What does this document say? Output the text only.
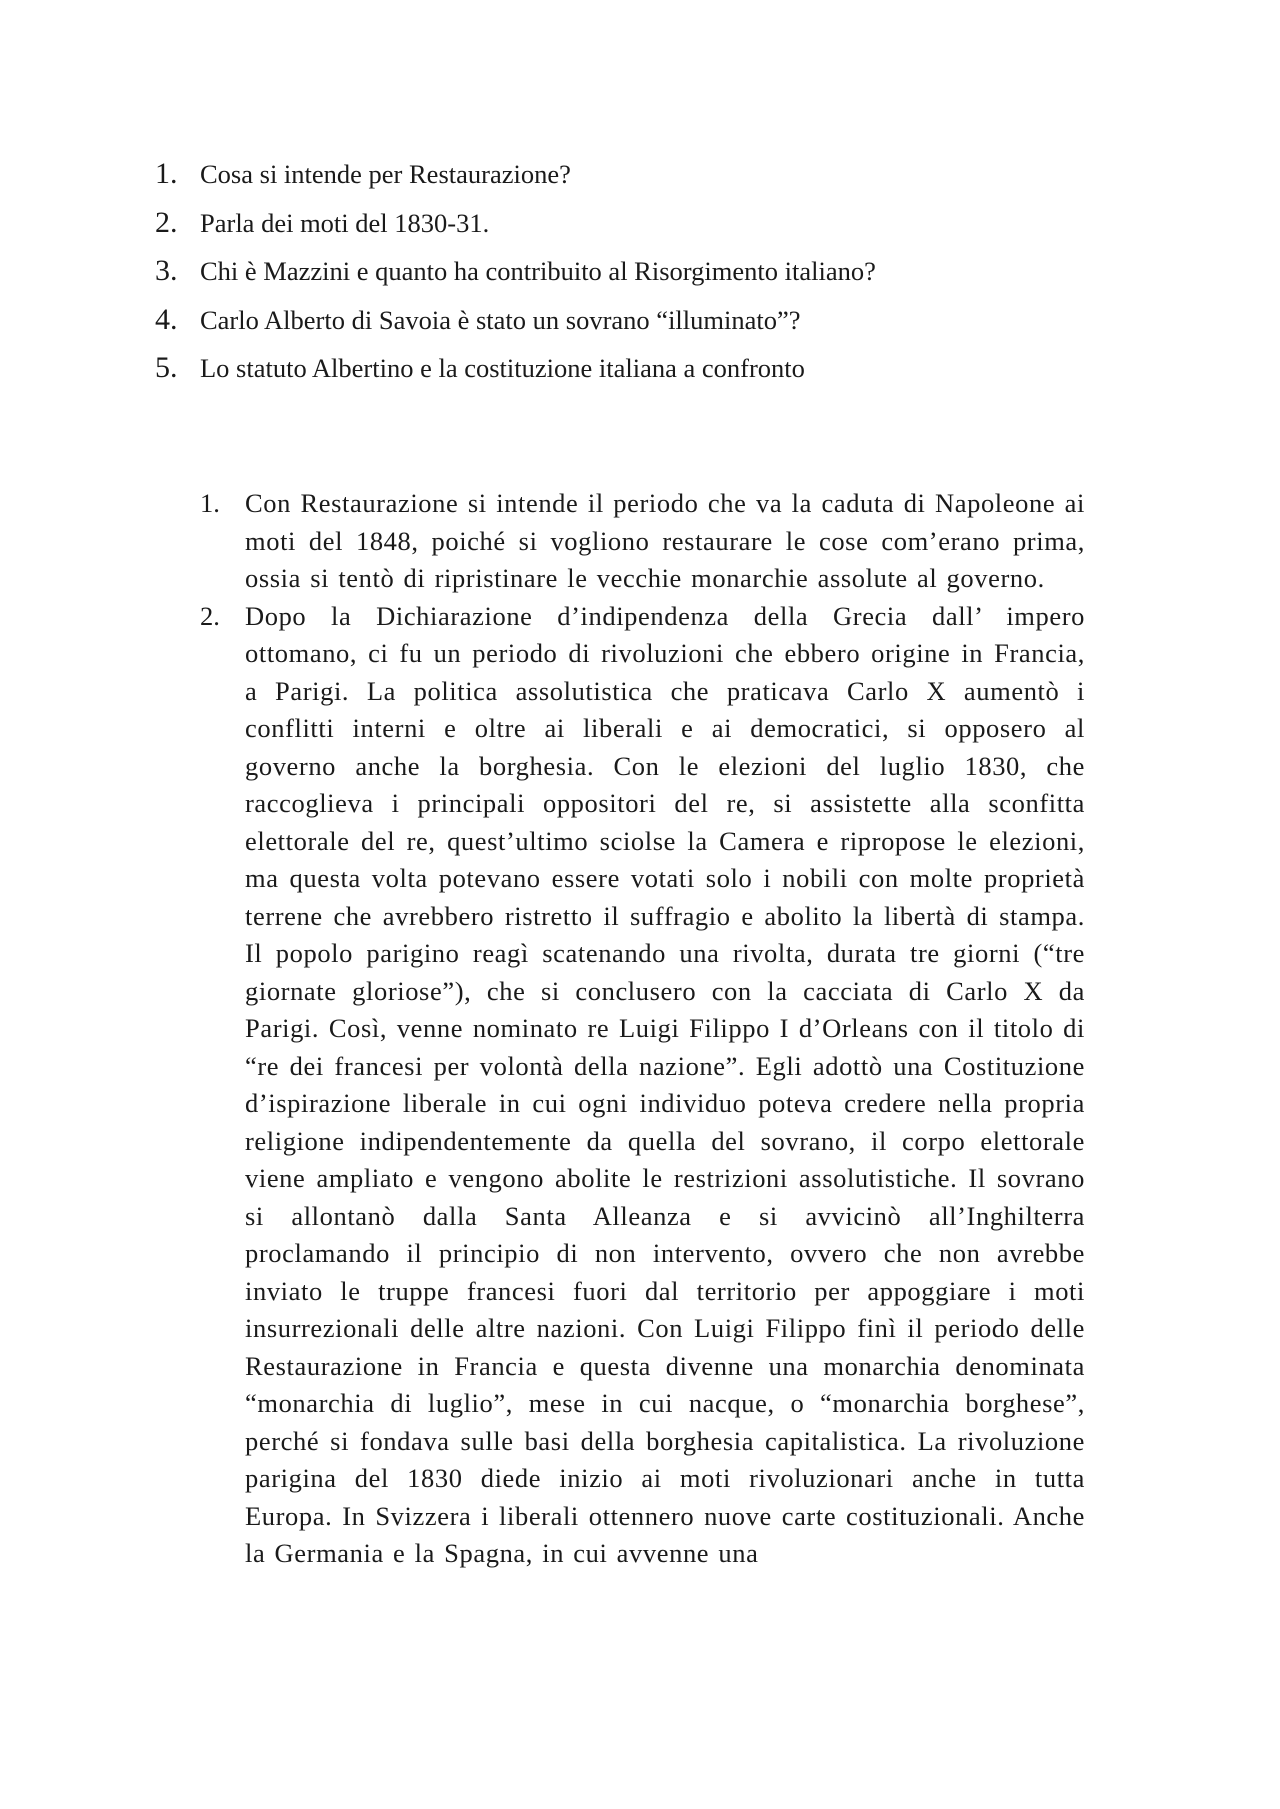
1. Cosa si intende per Restaurazione?
2. Parla dei moti del 1830-31.
3. Chi è Mazzini e quanto ha contribuito al Risorgimento italiano?
4. Carlo Alberto di Savoia è stato un sovrano “illuminato”?
5. Lo statuto Albertino e la costituzione italiana a confronto
1. Con Restaurazione si intende il periodo che va la caduta di Napoleone ai moti del 1848, poiché si vogliono restaurare le cose com’erano prima, ossia si tentò di ripristinare le vecchie monarchie assolute al governo.
2. Dopo la Dichiarazione d’indipendenza della Grecia dall’ impero ottomano, ci fu un periodo di rivoluzioni che ebbero origine in Francia, a Parigi. La politica assolutistica che praticava Carlo X aumentò i conflitti interni e oltre ai liberali e ai democratici, si opposero al governo anche la borghesia. Con le elezioni del luglio 1830, che raccoglieva i principali oppositori del re, si assistette alla sconfitta elettorale del re, quest’ultimo sciolse la Camera e ripropose le elezioni, ma questa volta potevano essere votati solo i nobili con molte proprietà terrene che avrebbero ristretto il suffragio e abolito la libertà di stampa. Il popolo parigino reagì scatenando una rivolta, durata tre giorni (“tre giornate gloriose”), che si conclusero con la cacciata di Carlo X da Parigi. Così, venne nominato re Luigi Filippo I d’Orleans con il titolo di “re dei francesi per volontà della nazione”. Egli adottò una Costituzione d’ispirazione liberale in cui ogni individuo poteva credere nella propria religione indipendentemente da quella del sovrano, il corpo elettorale viene ampliato e vengono abolite le restrizioni assolutistiche. Il sovrano si allontanò dalla Santa Alleanza e si avvicinò all’Inghilterra proclamando il principio di non intervento, ovvero che non avrebbe inviato le truppe francesi fuori dal territorio per appoggiare i moti insurrezionali delle altre nazioni. Con Luigi Filippo finì il periodo delle Restaurazione in Francia e questa divenne una monarchia denominata “monarchia di luglio”, mese in cui nacque, o “monarchia borghese”, perché si fondava sulle basi della borghesia capitalistica. La rivoluzione parigina del 1830 diede inizio ai moti rivoluzionari anche in tutta Europa. In Svizzera i liberali ottennero nuove carte costituzionali. Anche la Germania e la Spagna, in cui avvenne una
